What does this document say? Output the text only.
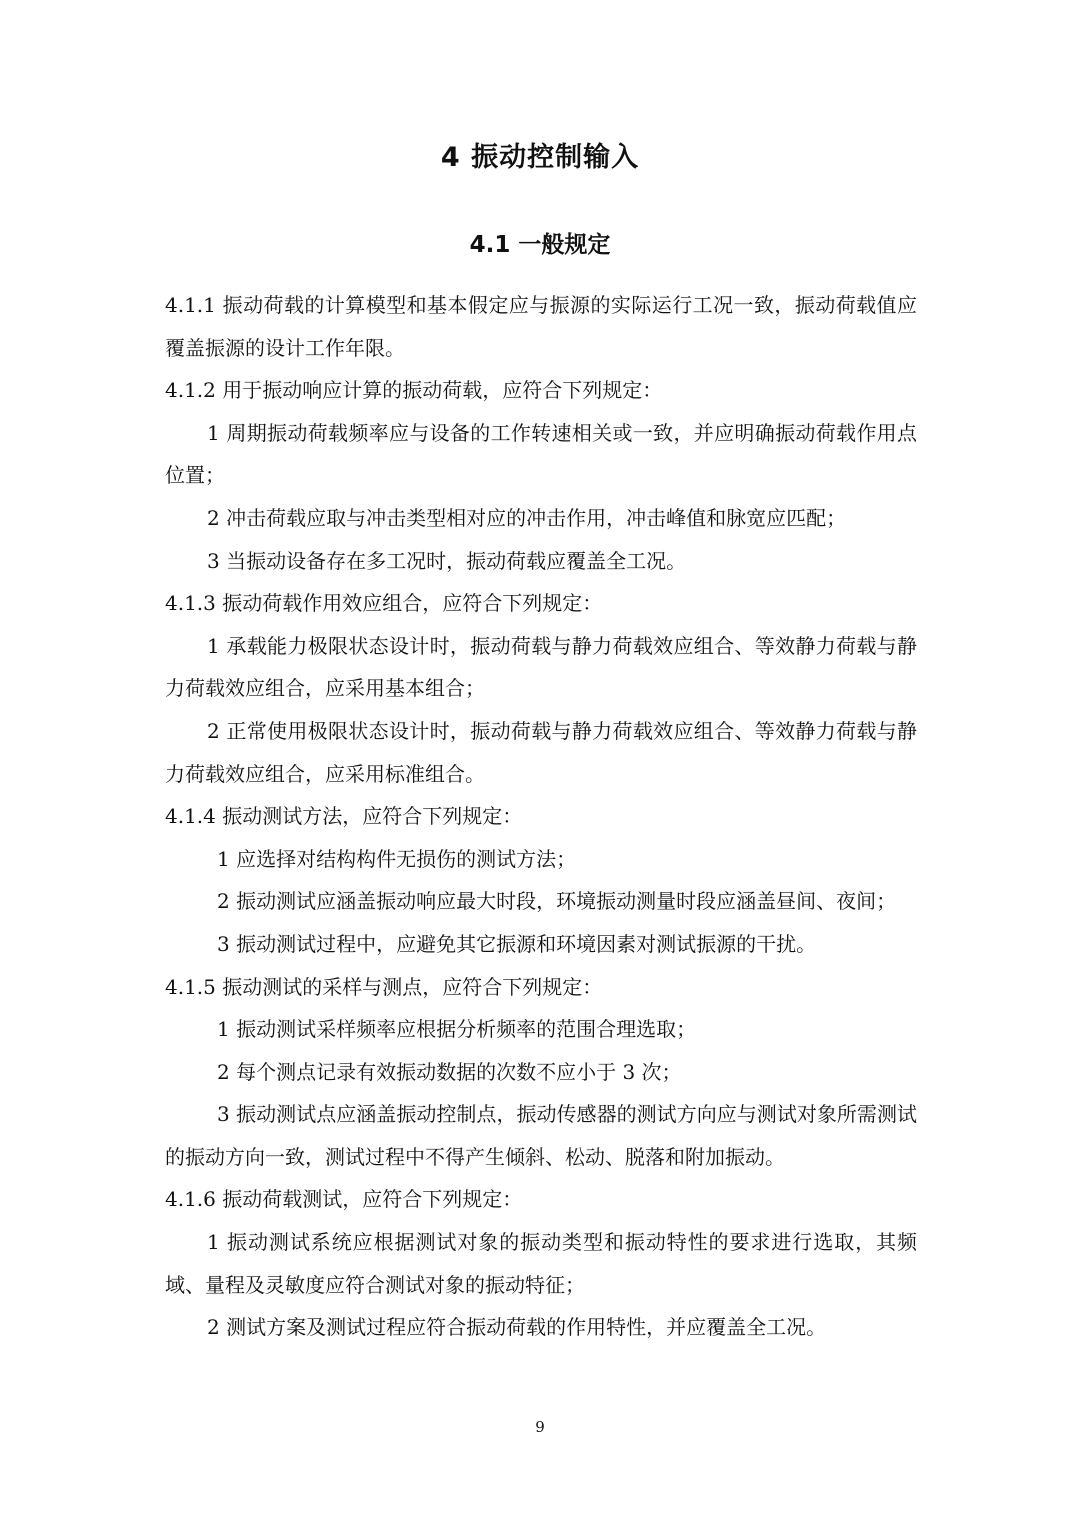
4 振动控制输入
4.1 一般规定

4.1.1 振动荷载的计算模型和基本假定应与振源的实际运行工况一致，振动荷载值应覆盖振源的设计工作年限。

4.1.2 用于振动响应计算的振动荷载，应符合下列规定：

1 周期振动荷载频率应与设备的工作转速相关或一致，并应明确振动荷载作用点位置；

2 冲击荷载应取与冲击类型相对应的冲击作用，冲击峰值和脉宽应匹配；

3 当振动设备存在多工况时，振动荷载应覆盖全工况。

4.1.3 振动荷载作用效应组合，应符合下列规定：

1 承载能力极限状态设计时，振动荷载与静力荷载效应组合、等效静力荷载与静力荷载效应组合，应采用基本组合；

2 正常使用极限状态设计时，振动荷载与静力荷载效应组合、等效静力荷载与静力荷载效应组合，应采用标准组合。

4.1.4 振动测试方法，应符合下列规定：

1 应选择对结构构件无损伤的测试方法；

2 振动测试应涵盖振动响应最大时段，环境振动测量时段应涵盖昼间、夜间；

3 振动测试过程中，应避免其它振源和环境因素对测试振源的干扰。

4.1.5 振动测试的采样与测点，应符合下列规定：

1 振动测试采样频率应根据分析频率的范围合理选取；

2 每个测点记录有效振动数据的次数不应小于 3 次；

3 振动测试点应涵盖振动控制点，振动传感器的测试方向应与测试对象所需测试的振动方向一致，测试过程中不得产生倾斜、松动、脱落和附加振动。

4.1.6 振动荷载测试，应符合下列规定：

1 振动测试系统应根据测试对象的振动类型和振动特性的要求进行选取，其频域、量程及灵敏度应符合测试对象的振动特征；

2 测试方案及测试过程应符合振动荷载的作用特性，并应覆盖全工况。

9
